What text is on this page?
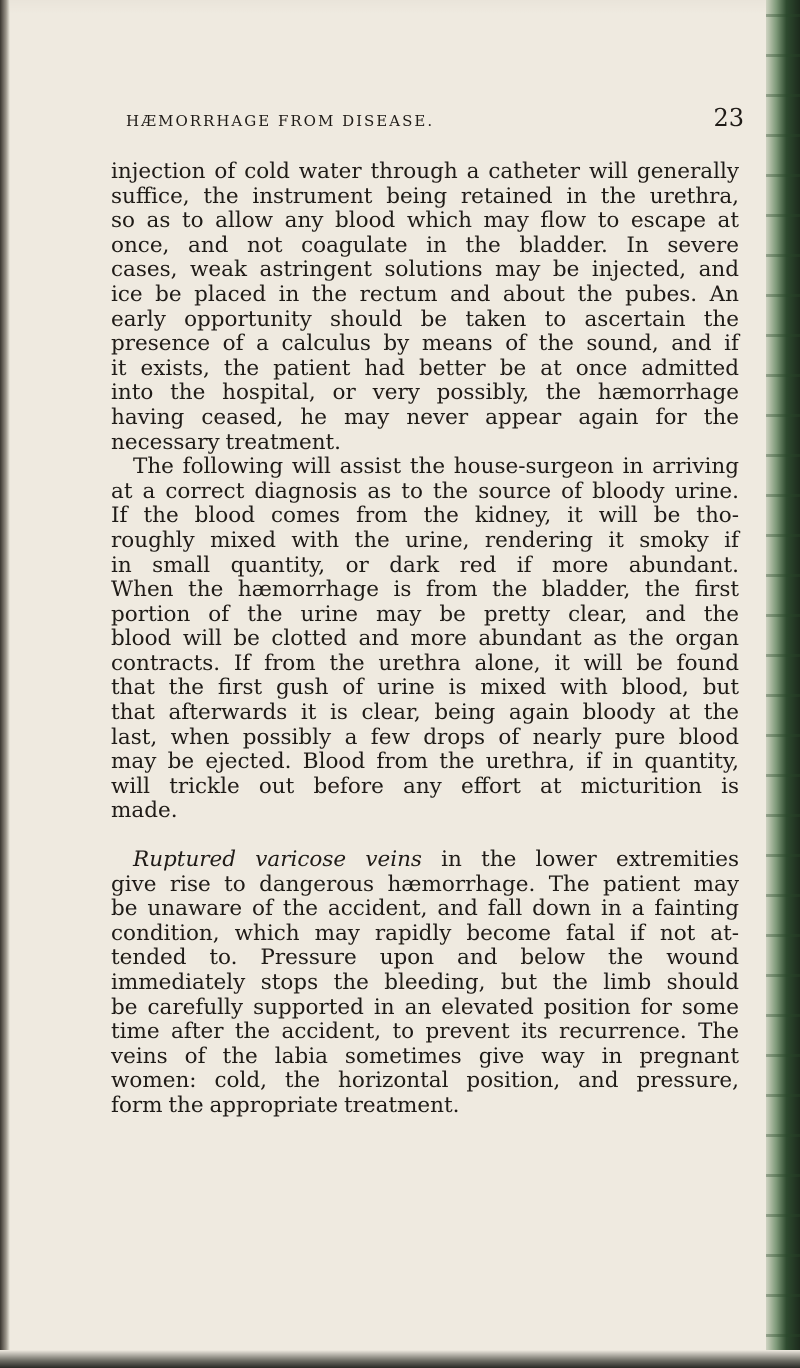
HÆMORRHAGE FROM DISEASE.	23
injection of cold water through a catheter will generally
suffice, the instrument being retained in the urethra,
so as to allow any blood which may flow to escape at
once, and not coagulate in the bladder. In severe
cases, weak astringent solutions may be injected, and
ice be placed in the rectum and about the pubes. An
early opportunity should be taken to ascertain the
presence of a calculus by means of the sound, and if
it exists, the patient had better be at once admitted
into the hospital, or very possibly, the hæmorrhage
having ceased, he may never appear again for the
necessary treatment.
The following will assist the house-surgeon in arriving
at a correct diagnosis as to the source of bloody urine.
If the blood comes from the kidney, it will be tho-
roughly mixed with the urine, rendering it smoky if
in small quantity, or dark red if more abundant.
When the hæmorrhage is from the bladder, the first
portion of the urine may be pretty clear, and the
blood will be clotted and more abundant as the organ
contracts. If from the urethra alone, it will be found
that the first gush of urine is mixed with blood, but
that afterwards it is clear, being again bloody at the
last, when possibly a few drops of nearly pure blood
may be ejected. Blood from the urethra, if in quantity,
will trickle out before any effort at micturition is
made.
Ruptured varicose veins in the lower extremities
give rise to dangerous hæmorrhage. The patient may
be unaware of the accident, and fall down in a fainting
condition, which may rapidly become fatal if not at-
tended to. Pressure upon and below the wound
immediately stops the bleeding, but the limb should
be carefully supported in an elevated position for some
time after the accident, to prevent its recurrence. The
veins of the labia sometimes give way in pregnant
women: cold, the horizontal position, and pressure,
form the appropriate treatment.
